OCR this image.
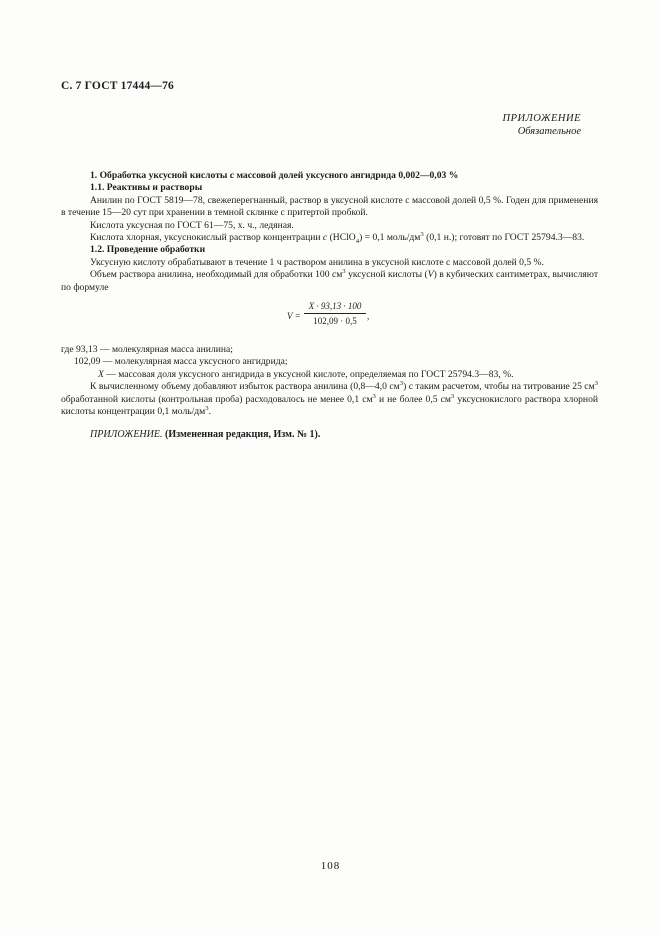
С. 7 ГОСТ 17444—76
ПРИЛОЖЕНИЕ
Обязательное

1. Обработка уксусной кислоты с массовой долей уксусного ангидрида 0,002—0,03 %

1.1. Реактивы и растворы

Анилин по ГОСТ 5819—78, свежеперегнанный, раствор в уксусной кислоте с массовой долей 0,5 %. Годен для применения в течение 15—20 сут при хранении в темной склянке с притертой пробкой.

Кислота уксусная по ГОСТ 61—75, х. ч., ледяная.

Кислота хлорная, уксуснокислый раствор концентрации c (HClO$_4$) = 0,1 моль/$дм^3$ (0,1 н.); готовят по ГОСТ 25794.3—83.

1.2. Проведение обработки

Уксусную кислоту обрабатывают в течение 1 ч раствором анилина в уксусной кислоте с массовой долей 0,5 %.

Объем раствора анилина, необходимый для обработки 100 $см^3$ уксусной кислоты (V) в кубических сантиметрах, вычисляют по формуле

$V = \frac{X \cdot 93,13 \cdot 100}{102,09 \cdot 0,5}$ ,

где 93,13 — молекулярная масса анилина;

102,09 — молекулярная масса уксусного ангидрида;

X — массовая доля уксусного ангидрида в уксусной кислоте, определяемая по ГОСТ 25794.3—83, %.

К вычисленному объему добавляют избыток раствора анилина (0,8—4,0 $см^3$) с таким расчетом, чтобы на титрование 25 $см^3$ обработанной кислоты (контрольная проба) расходовалось не менее 0,1 $см^3$ и не более 0,5 $см^3$ уксуснокислого раствора хлорной кислоты концентрации 0,1 моль/$дм^3$.

ПРИЛОЖЕНИЕ. (Измененная редакция, Изм. № 1).

108
